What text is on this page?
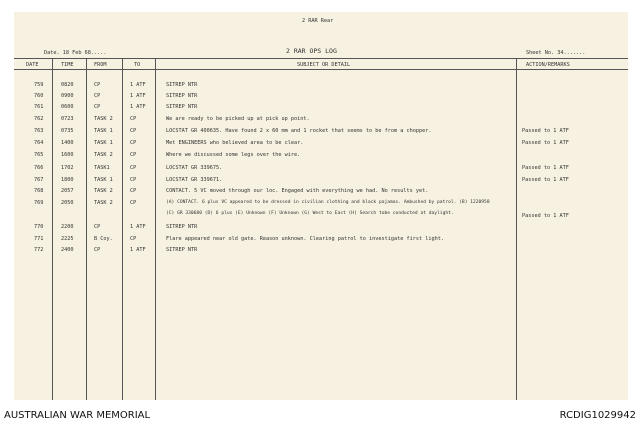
2 RAR Rear
Date. 18 Feb 68.....	2 RAR OPS LOG	Sheet No. 34.......
DATE	TIME	FROM	TO	SUBJECT OR DETAIL	ACTION/REMARKS
759	0820	CP	1 ATF	SITREP NTR
760	0900	CP	1 ATF	SITREP NTR
761	0600	CP	1 ATF	SITREP NTR
762	0723	TASK 2	CP	We are ready to be picked up at pick up point.
763	0735	TASK 1	CP	LOCSTAT GR 400635. Have found 2 x 60 mm and 1 rocket that seems to be from a chopper.	Passed to 1 ATF
764	1400	TASK 1	CP	Met ENGINEERS who believed area to be clear.	Passed to 1 ATF
765	1600	TASK 2	CP	Where we discussed some legs over the wire.
766	1702	TASK1	CP	LOCSTAT GR 339675.	Passed to 1 ATF
767	1800	TASK 1	CP	LOCSTAT GR 339671.	Passed to 1 ATF
768	2057	TASK 2	CP	CONTACT. 5 VC moved through our loc. Engaged with everything we had. No results yet.
769	2050	TASK 2	CP	(A) CONTACT. 6 plus VC appeared to be dressed in civilian clothing and black pajamas. Ambushed by patrol. (B) 1220958
(C) GR 330680 (D) 6 plus (E) Unknown (F) Unknown (G) West to East (H) Search tobe conducted at daylight.	Passed to 1 ATF
770	2200	CP	1 ATF	SITREP NTR
771	2225	B Coy.	CP	Flare appeared near old gate. Reason unknown. Clearing patrol to investigate first light.
772	2400	CP	1 ATF	SITREP NTR
AUSTRALIAN WAR MEMORIAL	RCDIG1029942
